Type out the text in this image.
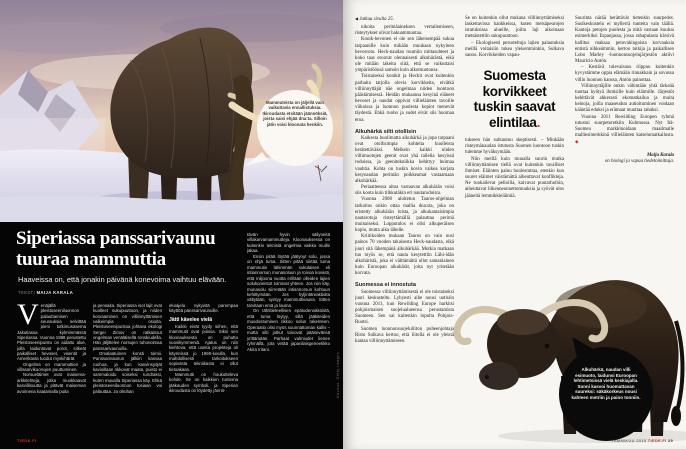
Mammuteista on jäljellä vain vaikuttavia ennallistuksia. Ikiroudasta etsitään jäännöksiä, joista saisi ehjää dna:ta. Silloin jätin voisi kloonata henkiin.
Siperiassa panssarivaunu
tuuraa mammuttia
Haaveissa on, että jonakin päivänä konevoima vaihtuu elävään.
TEKSTI MAIJA KARALA

Venäjällä pleistoseeniluonnon palauttamisen seurauksia selvittää pieni tutkimusasema Jakutiassa kylmimmässä Siperiassa. Vuonna 1988 perustettu Pleistoseenipuisto on aidattu alue, jolla laiduntavat porot, sitkeät paikalliset hevoset, visentit ja Amerikasta tuodut myskihärät.

Ongelma on mammuttien ja villasarvikuonojen puuttuminen.

Norsueläimet ovat maisema-arkkitehteja, jotka muokkaavat kasvillisuutta ja pitävät maiseman avoimena kaatamalla puita

ja pensaita. Siperiassa isot lajit ovat kuolleet sukupuuttoon, ja niiden korvaaminen on villiinnyttämisen vaikeimpia osioita. Pleistoseenipuistoa johtava ekologi Sergei Zimov on ratkaissut ongelman venäläisellä ronskiudella. Hän jäljittelee norsujen tuhovoimaa panssarivaunuilla.

Omalaatuinen konsti toimii. Panssarivaunun jälkiin kasvaa ruohoa, ja kun kasvinsyöjät kavioillaan rikkovat maata, puisto ei sammaloidu soiseksi tundraksi, kuten muualla Siperiassa käy. Ehkä pleistoseeniluonnon tosiaan voi palauttaa. Ja olisihan

ekoajelu nykyistä parempaa käyttöä panssarivaunuille.

Jätti kävelee vielä

Kaikki eivät tyydy siihen, että mammutit ovat poissa. Siksi sen kloonauksesta on puhuttu vuosikymmeniä. Ajatus on niin kiehtova, että useita projekteja oli käynnissä jo 1990-luvulla, kun mahdollisesti tarkoitukseen sopivasta tekniikasta ei ollut tietoakaan.

Mammutti on houkutteleva kohde. Se on kaikkien tuntema jääkauden symboli, ja Siperian ikiroudasta on löydetty jännit-

tävän hyvin säilyneitä villakarvamammutteja. Kloonauksessa on kuitenkin teknisiä ongelmia vaikka muille jakaa.

Ensin pitää löytää jäätynyt solu, jossa on ehjä tuma. Sitten pitää siirtää tuma mammutin lähimmän sukulaisen eli intiannorsun munasoluun ja toivoa kovasti, että miljoona vuotta erillään olleiden lajien solukoneistot toimivat yhteen. Jos niin käy, munasolu siirretään intiannorsun kohtuun kehittymään. Jos hyljintäreaktiolta vältytään, syntyy mammuttivauva. Sitten tarvitaan emä ja lauma.

On tähtitieteellisen epätodennäköistä, että tuma löytyy, sillä jääkiteiden muodostuminen rikkoo solun rakenteen. Operaatio olisi myös suunnattoman kallis – mutta silti jotkut toivovat pääsevänsä yrittämään. Parhaat valmiudet lienee ryhmällä, jota vetää japanilaisgeneetikko Akira Iritani.

Kuvitus: Getty Images
TIEDE.FI

◀ Jatkuu sivulta 25.

nikoita perimäaineksen vertailemiseen, risteytykset olivat hakuammuntaa.

Konik-hevonen ei ole sen läheisempää sukua tarpaanille kuin mikään muukaan nykyinen hevosrotu. Heck-naudan ruumiin mittasuhteet ja koko taas eroavat olennaisesti alkuhärästä, eikä ole mitään takeita siitä, että se vaikuttaisi ympäristöönsä samoin kuin alkumuotonsa.

Toistaiseksi konikit ja Heckit ovat kuitenkin parhaita tarjolla olevia korvikkeita, eivätkä villiinnyttäjät näe ongelmaa niiden luontoon päästämisessä. Heidän mukaansa kesyinä eläneet hevoset ja naudat oppivat villieläinten tavoille viikoissa ja luonnon puolesta kopiot menevät täydestä. Ehkä ruoho ja sudet eivät siis huomaa eroa.

Alkuhärkä silti otollisin

Kaikesta huolimatta alkuhärkä ja jopa tarpaani ovat otollisimpia kohteita kuolleista herätettäväksi. Melkein kaikki niiden villimuotojen geenit ovat yhä tallella kesyissä roduissa, ja geenitekniikka kehittyy huimaa vauhtia. Kohta on tuskin kovin vaikea korjata kesynaudan perimän poikkeamat vastaamaan alkuhärkää.

Periaatteessa aitoa vastaavan alkuhärän voisi siis koota kuin tilkkutäkin eri nautaroduista.

Vuonna 2008 aloitetun Tauros-ohjelman tarkoitus onkin ottaa mallia dna:sta, joka on eristetty alkuhärän luista, ja alkukantaisimpia nautarotuja risteyttämällä palauttaa perimä muinaiseksi. Lopputulos ei olisi alkuperäisen kopio, mutta aika lähelle.

Kriitikoiden mukaan Tauros on vain uusi painos 70 vuoden takaisesta Heck-naudasta, eikä juuri sitä lähempänä alkuhärkää. Mutkia matkaan tuo myös se, että nauta kesytettiin Lähi-idän alkuhäristä, joka ei välttämättä ollut samanlainen kuin Euroopan alkuhärät, joita nyt yritetään korvata.

Suomessa ei innostuta

Suomessa villiinnyttämisestä ei ole toistaiseksi juuri keskusteltu. Lyhyesti aihe nousi uutisiin vuonna 2011, kun Rewilding Europe harkitsi pohjoismaisen suojelualueensa perustamista Suomeen. Sen sai kuitenkin lopulta Pohjois-Ruotsi.

Suomen luonnonsuojeluliiton puheenjohtaja Risto Sulkava kertoo, että liitolla ei ole yleistä kantaa villiinnyttämiseen.

Se on kuitenkin ollut mukana villiinnyttämiseksi laskettavissa hankkeissa, kuten metsäpeurojen istutuksissa alueille, joilta laji aikoinaan metsästettiin sukupuuttoon.

– Ekologisesti perusteltuja lajien palautuksia meillä voitaisiin tukea yleisemminkin, Sulkava sanoo. Korvikkeiden vapau-

Suomesta korvikkeet tuskin saavat elintilaa.

tukseen hän suhtautuu skeptisesti. – Minkään risteymänaudan istutusta Suomen luontoon tuskin tulemme hyväksymään.

Niin meillä kuin muualla suurin mutka villiinnyttämisen tiellä ovat kuitenkin tavalliset ihmiset. Eläinten paluu huolestuttaa, etenkin kun suuret eläimet väistämättä aiheuttavat konflikteja. Ne ruokailevat pelloilla, kaivavat puutarhoihin, aiheuttavat liikenneonnettomuuksia ja syövät ulos jääneitä lemmikkieläimiä.

Suurinta närää herättävät tietenkin suurpedot. Susikeskustelu ei myllerrä tunteita vain täällä. Kantoja petojen puolesta ja niitä vastaan kuuluu esimerkiksi Espanjassa, jossa rahapulasta kärsivä hallitus maksaa petovahingoista korvauksia entistä nihkeämmin, kertoo tutkija ja paikallisen Lobo Marley -luonnonsuojelujärjestön aktiivi Mauricio Antón.

– Kestävä tulevaisuus riippuu kuitenkin kyvystämme oppia elämään rinnakkain ja sovussa villin luonnon kanssa, Antón painottaa.

Villiinnyttäjille onkin vähintään yhtä tärkeää tuottaa hyötyä ihmisille kuin eläimille. Järjestöt kehittävät ahkerasti ekomatkailua ja muita keinoja, joilla maaseudun autioituminen voidaan kääntää eduksi ja erämaat muuttaa rahaksi.

Vuonna 2011 Rewilding Europen ryhmä tutustui suurpetoretkiin Kuhmossa. Nyt Itä-Suomea markkinoidaan maailmalle malliesimerkkinä villieläinten katselumatkailusta. ◆

Maija Karala
on biologi ja vapaa tiedetoimittaja.
Alkuhärkä, naudan villi esimuoto, laidunsi Euroopan lehtimetsissä vielä keskiajalla. Sonni kasvoi huomattavan suureksi: säkäkorkeus nousi kahteen metriin ja paino tonniin.
TAMMIKUU 2015 TIEDE.FI 29
